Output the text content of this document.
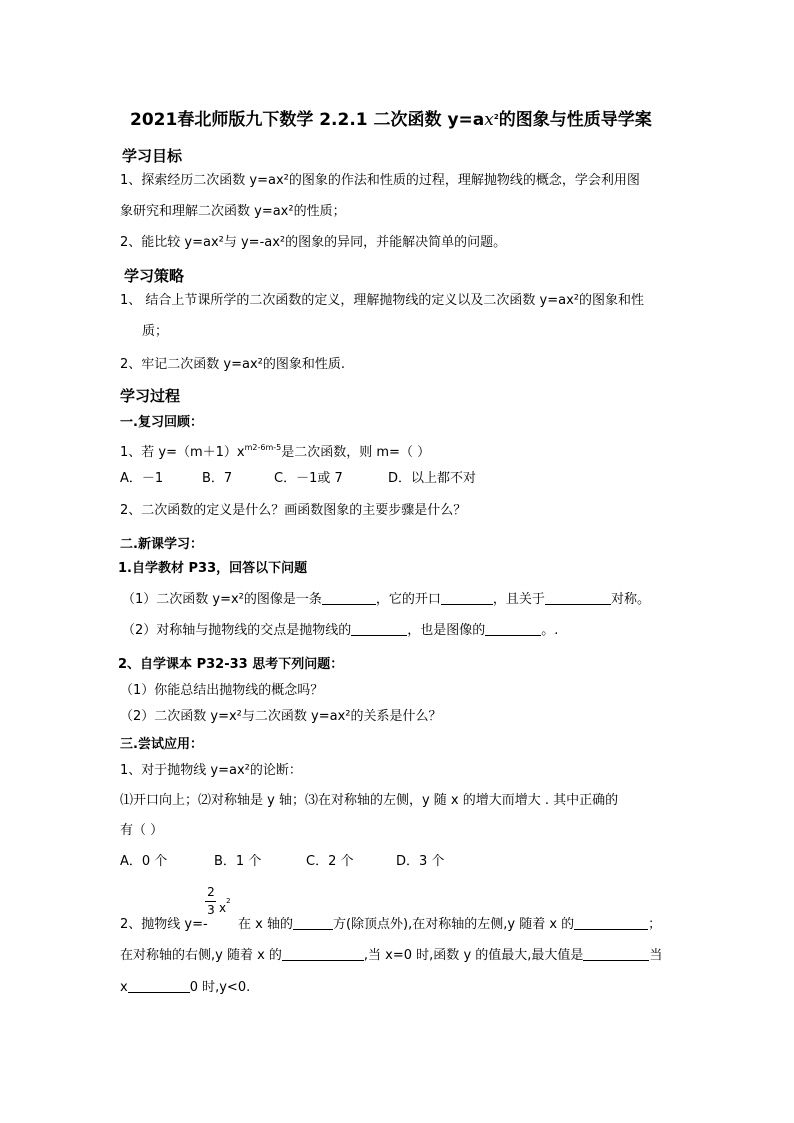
2021春北师版九下数学 2.2.1 二次函数 $y=ax^2$的图象与性质导学案
学习目标
1、探索经历二次函数 y=ax²的图象的作法和性质的过程，理解抛物线的概念，学会利用图
象研究和理解二次函数 y=ax²的性质；
2、能比较 y=ax²与 y=-ax²的图象的异同，并能解决简单的问题。
学习策略
1、 结合上节课所学的二次函数的定义，理解抛物线的定义以及二次函数 y=ax²的图象和性
质；
2、牢记二次函数 y=ax²的图象和性质.
学习过程
一.复习回顾：
1、若 $y=(m+1)x^{m2-6m-5}$是二次函数，则 m=（ ）
A．－1	B．7	C．－1或 7	D．以上都不对
2、二次函数的定义是什么？画函数图象的主要步骤是什么？
二.新课学习：
1.自学教材 P33，回答以下问题
（1）二次函数 y=x²的图像是一条	，它的开口	，且关于	对称。
（2）对称轴与抛物线的交点是抛物线的	，也是图像的	。.
2、自学课本 P32-33 思考下列问题：
（1）你能总结出抛物线的概念吗？
（2）二次函数 y=x²与二次函数 y=ax²的关系是什么？
三.尝试应用：
1、对于抛物线 y=ax²的论断：
⑴开口向上；⑵对称轴是 y 轴；⑶在对称轴的左侧，y 随 x 的增大而增大 . 其中正确的
有（ ）
A．0 个	B．1 个	C．2 个	D．3 个
2
3 $x^2$
2、抛物线 y=- 在 x 轴的	方(除顶点外),在对称轴的左侧,y 随着 x 的	；
在对称轴的右侧,y 随着 x 的	,当 x=0 时,函数 y 的值最大,最大值是	当
x	0 时,y<0.
